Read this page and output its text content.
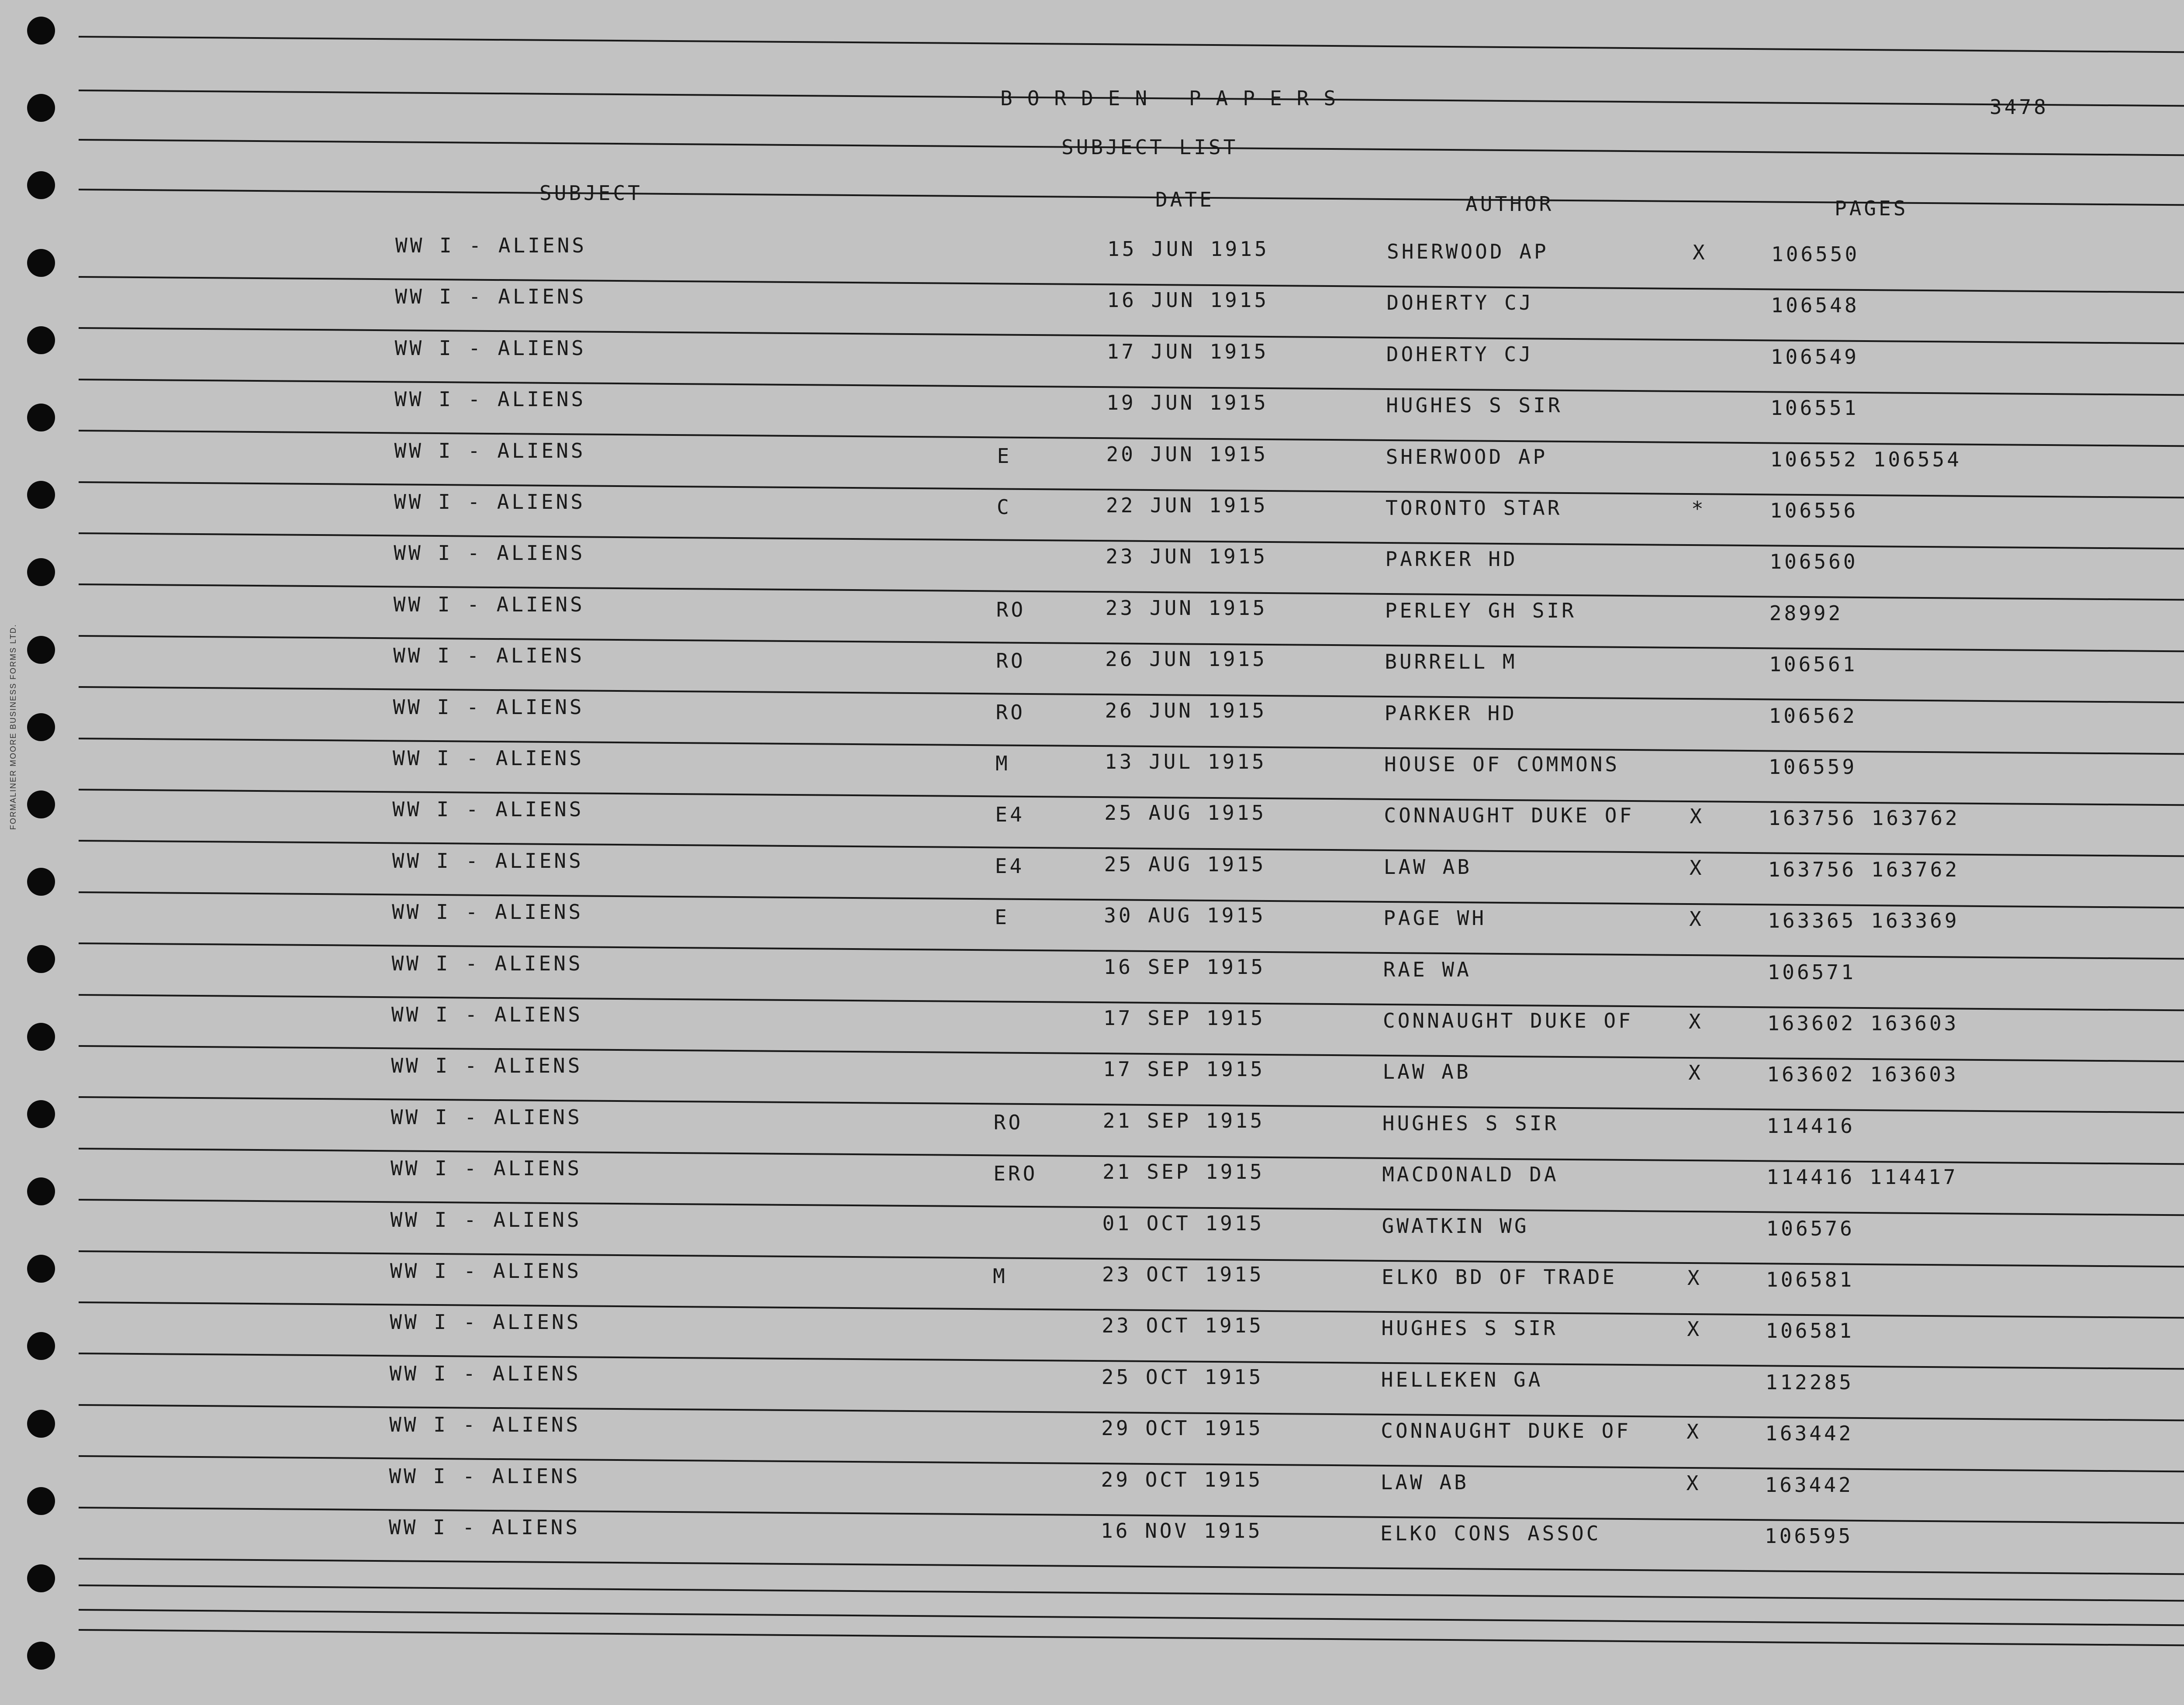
FORMALINER MOORE BUSINESS FORMS LTD.
BORDEN PAPERS	3478
SUBJECT LIST
SUBJECT	DATE	AUTHOR	PAGES
WW I - ALIENS	15 JUN 1915	SHERWOOD AP	X	106550
WW I - ALIENS	16 JUN 1915	DOHERTY CJ	106548
WW I - ALIENS	17 JUN 1915	DOHERTY CJ	106549
WW I - ALIENS	19 JUN 1915	HUGHES S SIR	106551
WW I - ALIENS	E	20 JUN 1915	SHERWOOD AP	106552 106554
WW I - ALIENS	C	22 JUN 1915	TORONTO STAR	*	106556
WW I - ALIENS	23 JUN 1915	PARKER HD	106560
WW I - ALIENS	RO	23 JUN 1915	PERLEY GH SIR	28992
WW I - ALIENS	RO	26 JUN 1915	BURRELL M	106561
WW I - ALIENS	RO	26 JUN 1915	PARKER HD	106562
WW I - ALIENS	M	13 JUL 1915	HOUSE OF COMMONS	106559
WW I - ALIENS	E4	25 AUG 1915	CONNAUGHT DUKE OF	X	163756 163762
WW I - ALIENS	E4	25 AUG 1915	LAW AB	X	163756 163762
WW I - ALIENS	E	30 AUG 1915	PAGE WH	X	163365 163369
WW I - ALIENS	16 SEP 1915	RAE WA	106571
WW I - ALIENS	17 SEP 1915	CONNAUGHT DUKE OF	X	163602 163603
WW I - ALIENS	17 SEP 1915	LAW AB	X	163602 163603
WW I - ALIENS	RO	21 SEP 1915	HUGHES S SIR	114416
WW I - ALIENS	ERO	21 SEP 1915	MACDONALD DA	114416 114417
WW I - ALIENS	01 OCT 1915	GWATKIN WG	106576
WW I - ALIENS	M	23 OCT 1915	ELKO BD OF TRADE	X	106581
WW I - ALIENS	23 OCT 1915	HUGHES S SIR	X	106581
WW I - ALIENS	25 OCT 1915	HELLEKEN GA	112285
WW I - ALIENS	29 OCT 1915	CONNAUGHT DUKE OF	X	163442
WW I - ALIENS	29 OCT 1915	LAW AB	X	163442
WW I - ALIENS	16 NOV 1915	ELKO CONS ASSOC	106595
